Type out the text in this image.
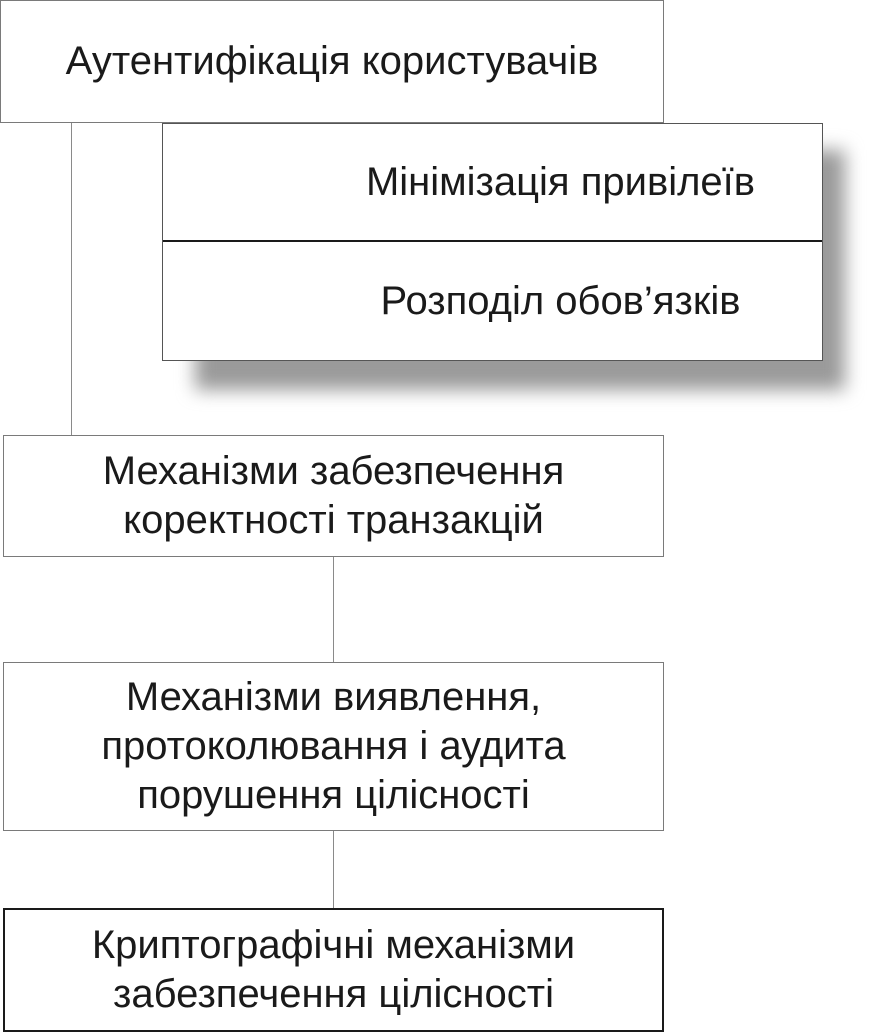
Аутентифікація користувачів
Мінімізація привілеїв
Розподіл обов’язків
Механізми забезпечення
коректності транзакцій
Механізми виявлення,
протоколювання і аудита
порушення цілісності
Криптографічні механізми
забезпечення цілісності
